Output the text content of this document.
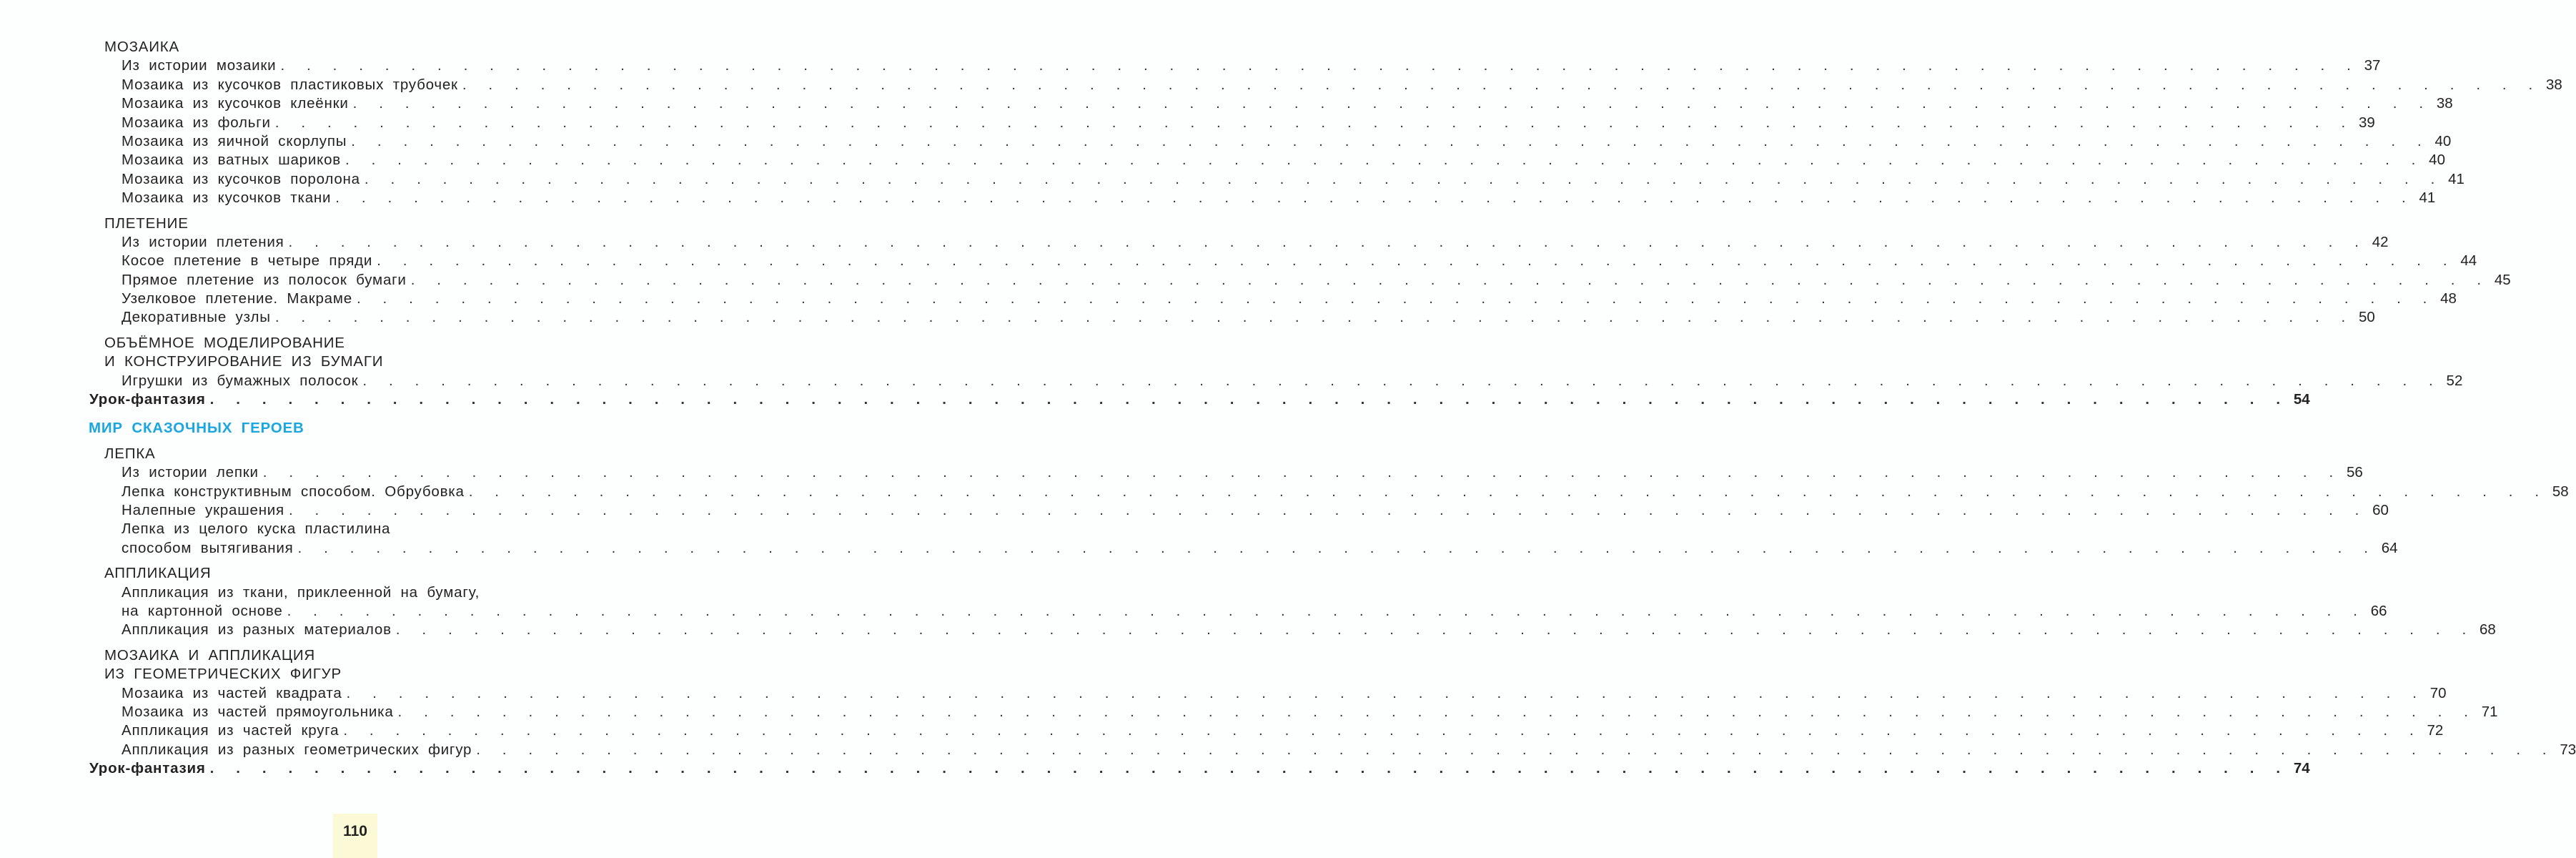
МОЗАИКА
Из истории мозаики . . . . . . . . . . . . . . . . . . . . . . . . . . . . . . . . . . . . . . . . . . . . . . . . . . . . . . . . . . . . . . . . . . . . . . . . . . . . . . . . 37
Мозаика из кусочков пластиковых трубочек . . . . . . . . . . . . . . . . . . . . . . . . . . . . . . . . . . . . . . . . . . . . . . . . . . . . . . . . . . . . . . . . . . . . . . . . . . . . . . . . 38
Мозаика из кусочков клеёнки . . . . . . . . . . . . . . . . . . . . . . . . . . . . . . . . . . . . . . . . . . . . . . . . . . . . . . . . . . . . . . . . . . . . . . . . . . . . . . . . 38
Мозаика из фольги . . . . . . . . . . . . . . . . . . . . . . . . . . . . . . . . . . . . . . . . . . . . . . . . . . . . . . . . . . . . . . . . . . . . . . . . . . . . . . . . 39
Мозаика из яичной скорлупы . . . . . . . . . . . . . . . . . . . . . . . . . . . . . . . . . . . . . . . . . . . . . . . . . . . . . . . . . . . . . . . . . . . . . . . . . . . . . . . . 40
Мозаика из ватных шариков . . . . . . . . . . . . . . . . . . . . . . . . . . . . . . . . . . . . . . . . . . . . . . . . . . . . . . . . . . . . . . . . . . . . . . . . . . . . . . . . 40
Мозаика из кусочков поролона . . . . . . . . . . . . . . . . . . . . . . . . . . . . . . . . . . . . . . . . . . . . . . . . . . . . . . . . . . . . . . . . . . . . . . . . . . . . . . . . 41
Мозаика из кусочков ткани . . . . . . . . . . . . . . . . . . . . . . . . . . . . . . . . . . . . . . . . . . . . . . . . . . . . . . . . . . . . . . . . . . . . . . . . . . . . . . . . 41
ПЛЕТЕНИЕ
Из истории плетения . . . . . . . . . . . . . . . . . . . . . . . . . . . . . . . . . . . . . . . . . . . . . . . . . . . . . . . . . . . . . . . . . . . . . . . . . . . . . . . . 42
Косое плетение в четыре пряди . . . . . . . . . . . . . . . . . . . . . . . . . . . . . . . . . . . . . . . . . . . . . . . . . . . . . . . . . . . . . . . . . . . . . . . . . . . . . . . . 44
Прямое плетение из полосок бумаги . . . . . . . . . . . . . . . . . . . . . . . . . . . . . . . . . . . . . . . . . . . . . . . . . . . . . . . . . . . . . . . . . . . . . . . . . . . . . . . . 45
Узелковое плетение. Макраме . . . . . . . . . . . . . . . . . . . . . . . . . . . . . . . . . . . . . . . . . . . . . . . . . . . . . . . . . . . . . . . . . . . . . . . . . . . . . . . . 48
Декоративные узлы . . . . . . . . . . . . . . . . . . . . . . . . . . . . . . . . . . . . . . . . . . . . . . . . . . . . . . . . . . . . . . . . . . . . . . . . . . . . . . . . 50
ОБЪЁМНОЕ МОДЕЛИРОВАНИЕ
И КОНСТРУИРОВАНИЕ ИЗ БУМАГИ
Игрушки из бумажных полосок . . . . . . . . . . . . . . . . . . . . . . . . . . . . . . . . . . . . . . . . . . . . . . . . . . . . . . . . . . . . . . . . . . . . . . . . . . . . . . . . 52
Урок-фантазия . . . . . . . . . . . . . . . . . . . . . . . . . . . . . . . . . . . . . . . . . . . . . . . . . . . . . . . . . . . . . . . . . . . . . . . . . . . . . . . . 54
МИР СКАЗОЧНЫХ ГЕРОЕВ
ЛЕПКА
Из истории лепки . . . . . . . . . . . . . . . . . . . . . . . . . . . . . . . . . . . . . . . . . . . . . . . . . . . . . . . . . . . . . . . . . . . . . . . . . . . . . . . . 56
Лепка конструктивным способом. Обрубовка . . . . . . . . . . . . . . . . . . . . . . . . . . . . . . . . . . . . . . . . . . . . . . . . . . . . . . . . . . . . . . . . . . . . . . . . . . . . . . . . 58
Налепные украшения . . . . . . . . . . . . . . . . . . . . . . . . . . . . . . . . . . . . . . . . . . . . . . . . . . . . . . . . . . . . . . . . . . . . . . . . . . . . . . . . 60
Лепка из целого куска пластилина
способом вытягивания . . . . . . . . . . . . . . . . . . . . . . . . . . . . . . . . . . . . . . . . . . . . . . . . . . . . . . . . . . . . . . . . . . . . . . . . . . . . . . . . 64
АППЛИКАЦИЯ
Аппликация из ткани, приклеенной на бумагу,
на картонной основе . . . . . . . . . . . . . . . . . . . . . . . . . . . . . . . . . . . . . . . . . . . . . . . . . . . . . . . . . . . . . . . . . . . . . . . . . . . . . . . . 66
Аппликация из разных материалов . . . . . . . . . . . . . . . . . . . . . . . . . . . . . . . . . . . . . . . . . . . . . . . . . . . . . . . . . . . . . . . . . . . . . . . . . . . . . . . . 68
МОЗАИКА И АППЛИКАЦИЯ
ИЗ ГЕОМЕТРИЧЕСКИХ ФИГУР
Мозаика из частей квадрата . . . . . . . . . . . . . . . . . . . . . . . . . . . . . . . . . . . . . . . . . . . . . . . . . . . . . . . . . . . . . . . . . . . . . . . . . . . . . . . . 70
Мозаика из частей прямоугольника . . . . . . . . . . . . . . . . . . . . . . . . . . . . . . . . . . . . . . . . . . . . . . . . . . . . . . . . . . . . . . . . . . . . . . . . . . . . . . . . 71
Аппликация из частей круга . . . . . . . . . . . . . . . . . . . . . . . . . . . . . . . . . . . . . . . . . . . . . . . . . . . . . . . . . . . . . . . . . . . . . . . . . . . . . . . . 72
Аппликация из разных геометрических фигур . . . . . . . . . . . . . . . . . . . . . . . . . . . . . . . . . . . . . . . . . . . . . . . . . . . . . . . . . . . . . . . . . . . . . . . . . . . . . . . . 73
Урок-фантазия . . . . . . . . . . . . . . . . . . . . . . . . . . . . . . . . . . . . . . . . . . . . . . . . . . . . . . . . . . . . . . . . . . . . . . . . . . . . . . . . 74
110
